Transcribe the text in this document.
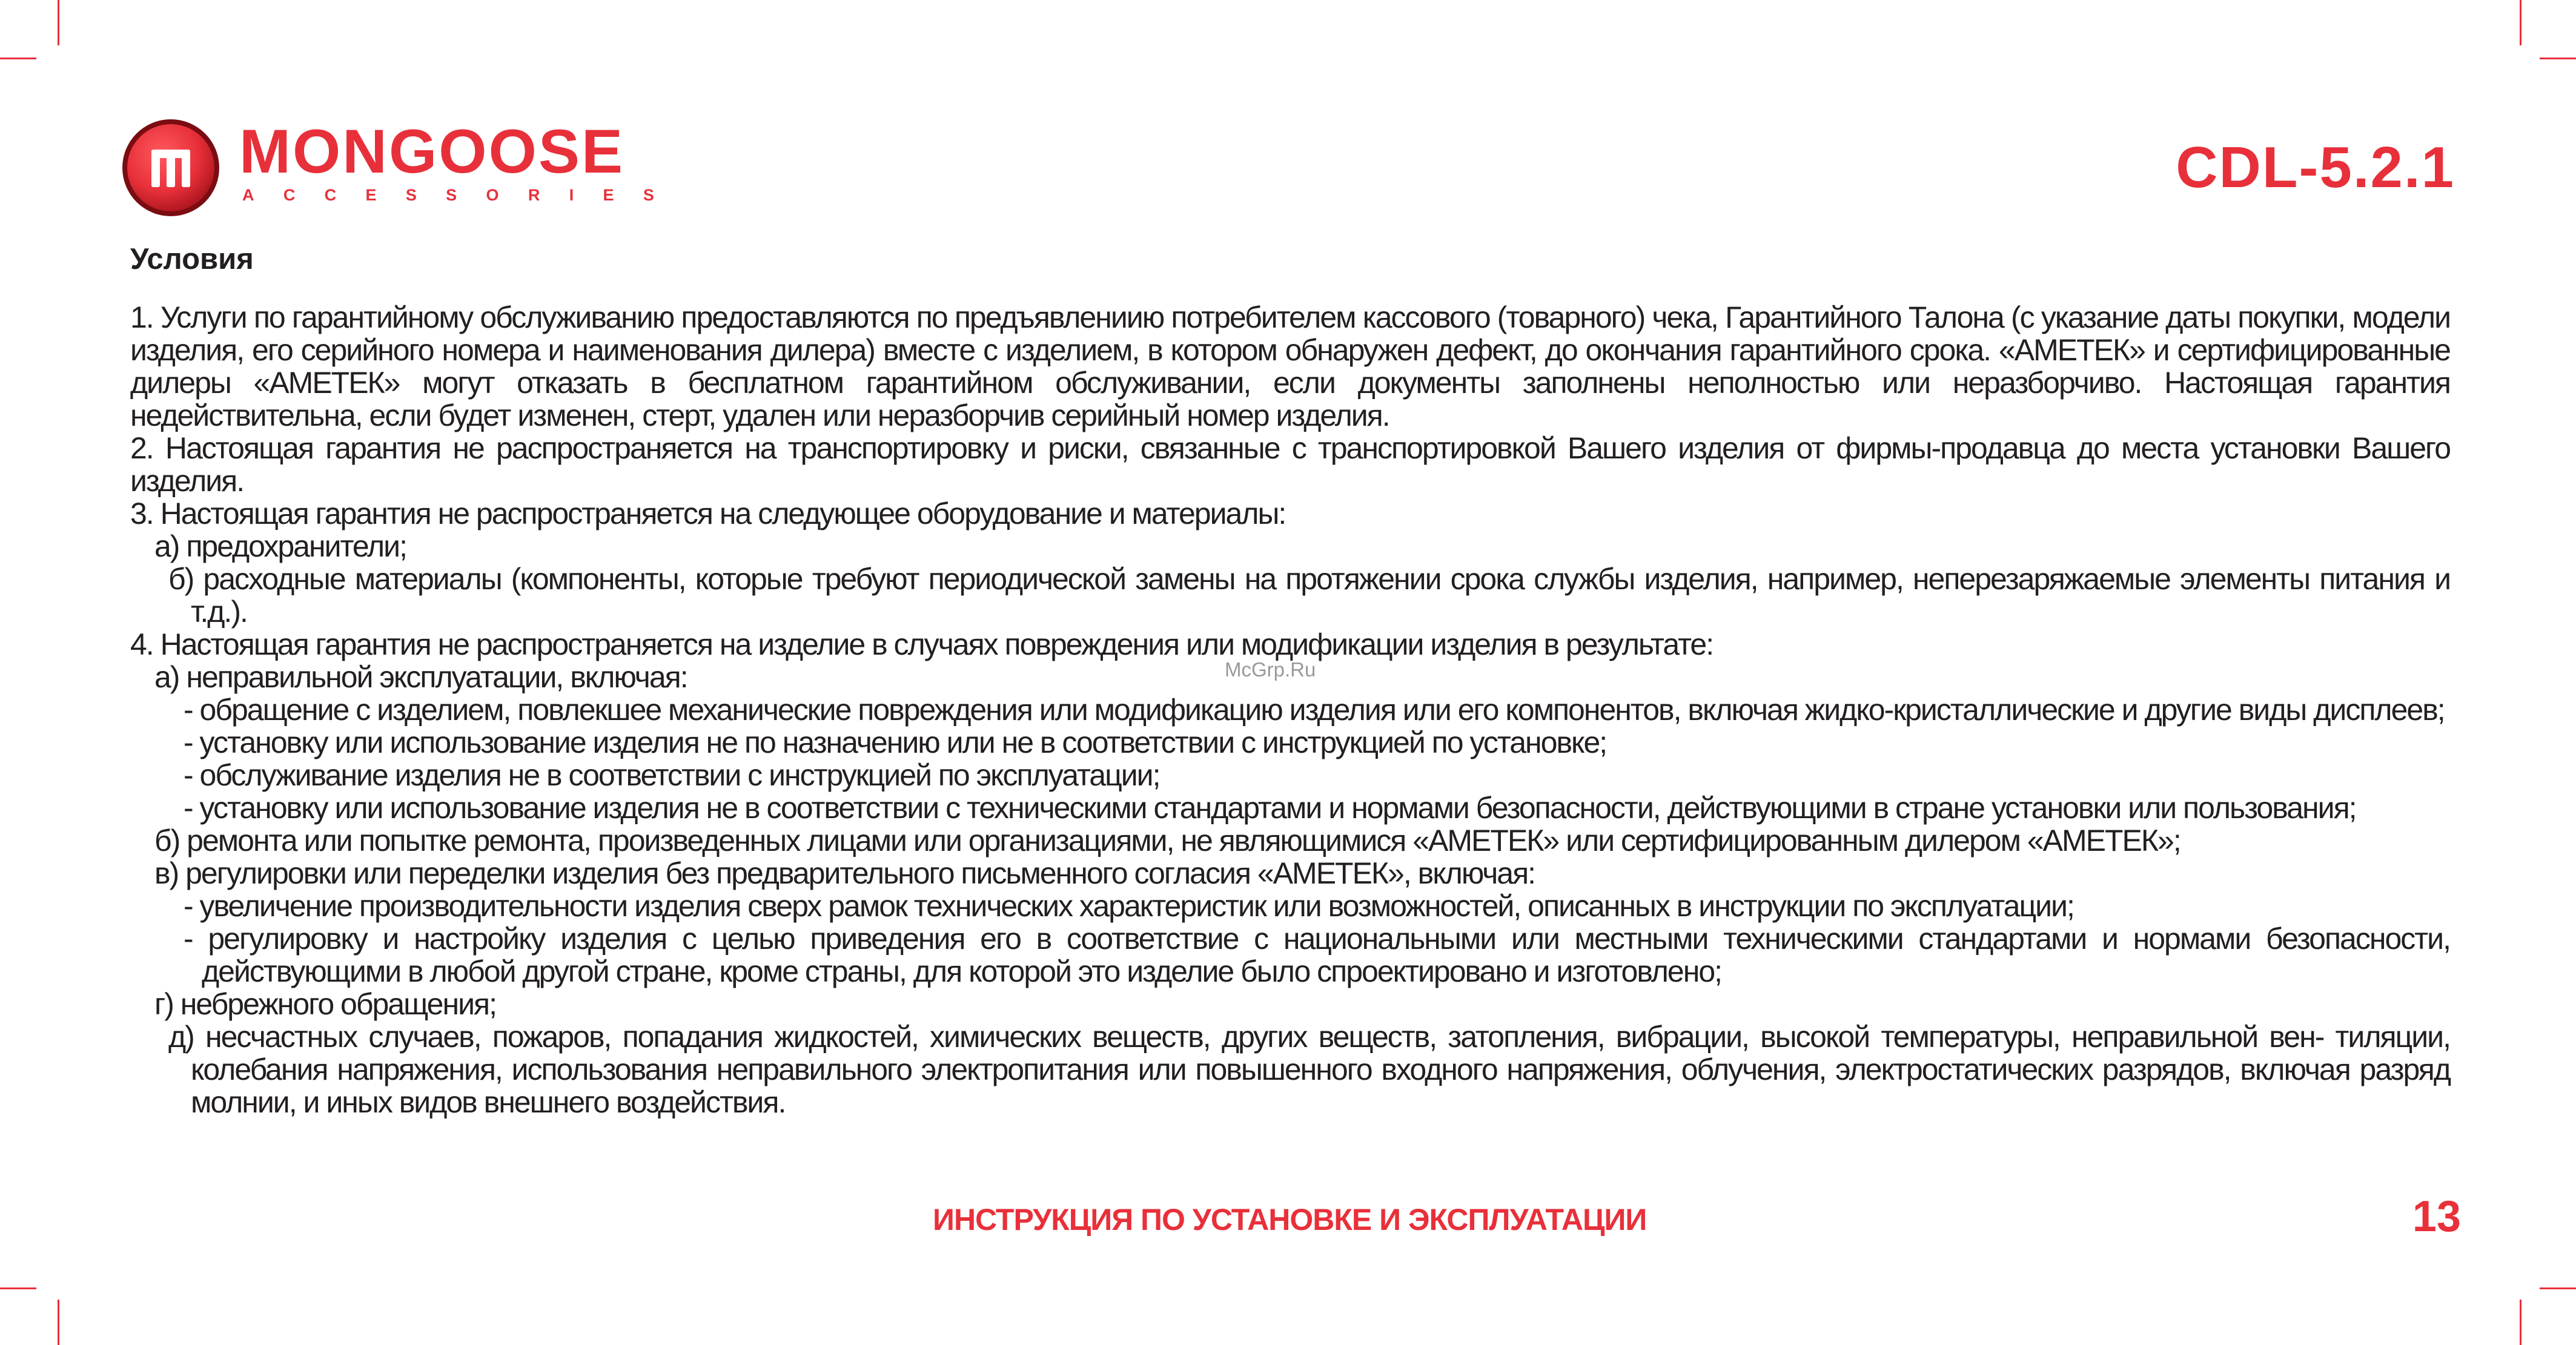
MONGOOSE
A C C E S S O R I E S	CDL-5.2.1
Условия

1. Услуги по гарантийному обслуживанию предоставляются по предъявлениию потребителем кассового (товарного) чека, Гарантийного Талона (с указание даты покупки, модели изделия, его серийного номера и наименования дилера) вместе с изделием, в котором обнаружен дефект, до окончания гарантийного срока. «АМЕТЕК» и сертифицированные дилеры «АМЕТЕК» могут отказать в бесплатном гарантийном обслуживании, если документы заполнены неполностью или неразборчиво. Настоящая гарантия недействительна, если будет изменен, стерт, удален или неразборчив серийный номер изделия.

2. Настоящая гарантия не распространяется на транспортировку и риски, связанные с транспортировкой Вашего изделия от фирмы-продавца до места установки Вашего изделия.

3. Настоящая гарантия не распространяется на следующее оборудование и материалы:

а) предохранители;

б) расходные материалы (компоненты, которые требуют периодической замены на протяжении срока службы изделия, например, неперезаряжаемые элементы питания и т.д.).

4. Настоящая гарантия не распространяется на изделие в случаях повреждения или модификации изделия в результате:

а) неправильной эксплуатации, включая:

- обращение с изделием, повлекшее механические повреждения или модификацию изделия или его компонентов, включая жидко-кристаллические и другие виды дисплеев;

- установку или использование изделия не по назначению или не в соответствии с инструкцией по установке;

- обслуживание изделия не в соответствии с инструкцией по эксплуатации;

- установку или использование изделия не в соответствии с техническими стандартами и нормами безопасности, действующими в стране установки или пользования;

б) ремонта или попытке ремонта, произведенных лицами или организациями, не являющимися «АМЕТЕК» или сертифицированным дилером «АМЕТЕК»;

в) регулировки или переделки изделия без предварительного письменного согласия «АМЕТЕК», включая:

- увеличение производительности изделия сверх рамок технических характеристик или возможностей, описанных в инструкции по эксплуатации;

- регулировку и настройку изделия с целью приведения его в соответствие с национальными или местными техническими стандартами и нормами безопасности, действующими в любой другой стране, кроме страны, для которой это изделие было спроектировано и изготовлено;

г) небрежного обращения;

д) несчастных случаев, пожаров, попадания жидкостей, химических веществ, других веществ, затопления, вибрации, высокой температуры, неправильной вен- тиляции, колебания напряжения, использования неправильного электропитания или повышенного входного напряжения, облучения, электростатических разрядов, включая разряд молнии, и иных видов внешнего воздействия.

McGrp.Ru
ИНСТРУКЦИЯ ПО УСТАНОВКЕ И ЭКСПЛУАТАЦИИ	13
